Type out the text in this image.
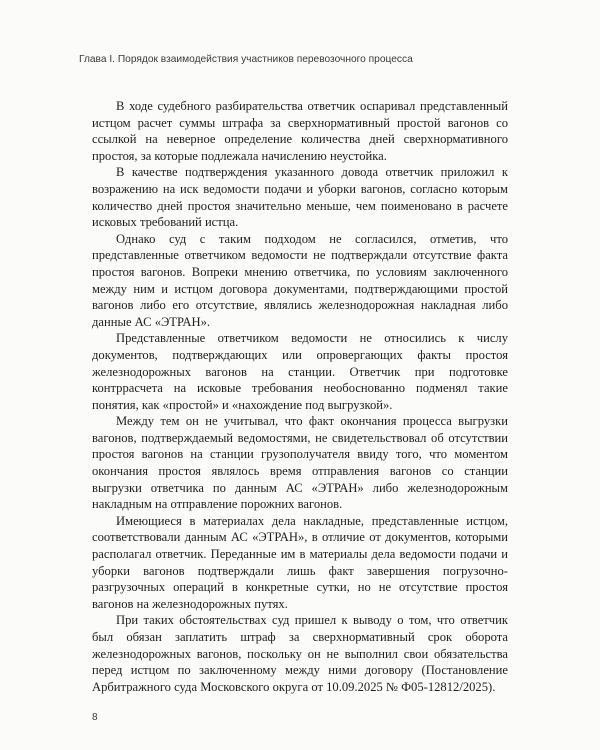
Глава I. Порядок взаимодействия участников перевозочного процесса

В ходе судебного разбирательства ответчик оспаривал представленный истцом расчет суммы штрафа за сверхнормативный простой вагонов со ссылкой на неверное определение количества дней сверхнормативного простоя, за которые подлежала начислению неустойка.

В качестве подтверждения указанного довода ответчик приложил к возражению на иск ведомости подачи и уборки вагонов, согласно которым количество дней простоя значительно меньше, чем поименовано в расчете исковых требований истца.

Однако суд с таким подходом не согласился, отметив, что представленные ответчиком ведомости не подтверждали отсутствие факта простоя вагонов. Вопреки мнению ответчика, по условиям заключенного между ним и истцом договора документами, подтверждающими простой вагонов либо его отсутствие, являлись железнодорожная накладная либо данные АС «ЭТРАН».

Представленные ответчиком ведомости не относились к числу документов, подтверждающих или опровергающих факты простоя железнодорожных вагонов на станции. Ответчик при подготовке контррасчета на исковые требования необоснованно подменял такие понятия, как «простой» и «нахождение под выгрузкой».

Между тем он не учитывал, что факт окончания процесса выгрузки вагонов, подтверждаемый ведомостями, не свидетельствовал об отсутствии простоя вагонов на станции грузополучателя ввиду того, что моментом окончания простоя являлось время отправления вагонов со станции выгрузки ответчика по данным АС «ЭТРАН» либо железнодорожным накладным на отправление порожних вагонов.

Имеющиеся в материалах дела накладные, представленные истцом, соответствовали данным АС «ЭТРАН», в отличие от документов, которыми располагал ответчик. Переданные им в материалы дела ведомости подачи и уборки вагонов подтверждали лишь факт завершения погрузочно-разгрузочных операций в конкретные сутки, но не отсутствие простоя вагонов на железнодорожных путях.

При таких обстоятельствах суд пришел к выводу о том, что ответчик был обязан заплатить штраф за сверхнормативный срок оборота железнодорожных вагонов, поскольку он не выполнил свои обязательства перед истцом по заключенному между ними договору (Постановление Арбитражного суда Московского округа от 10.09.2025 № Ф05-12812/2025).

8
